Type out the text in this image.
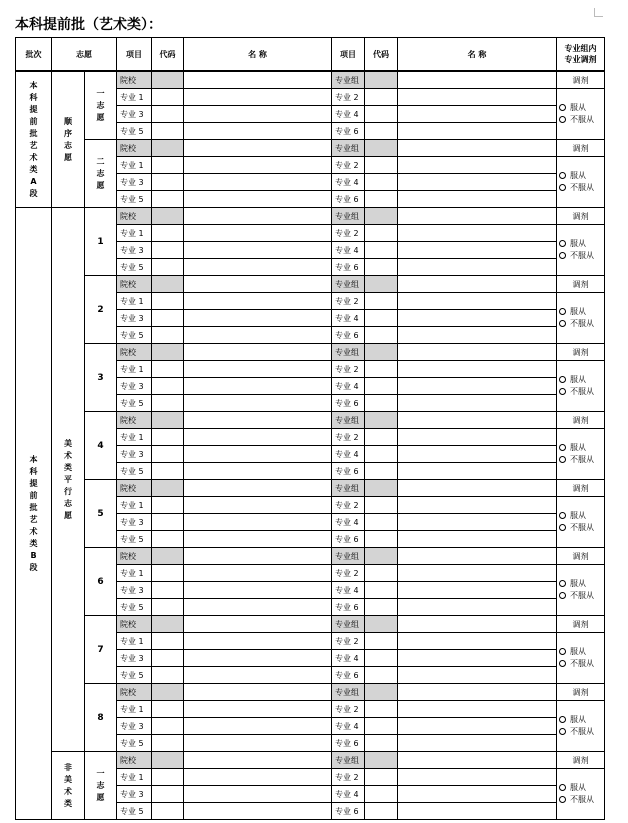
本科提前批（艺术类）：
批次	志愿		项目	代码	名 称	项目	代码	名 称	专业组内
专业调剂
本科提前批艺术类A段	顺序志愿	一志愿	院校			专业组			调剂
			专业 1			专业 2			服从
不服从

			专业 3			专业 4			
			专业 5			专业 6			
		二志愿	院校			专业组			调剂
			专业 1			专业 2			服从
不服从

			专业 3			专业 4			
			专业 5			专业 6			
本科提前批艺术类B段	美术类平行志愿	1	院校			专业组			调剂
			专业 1			专业 2			服从
不服从

			专业 3			专业 4			
			专业 5			专业 6			
		2	院校			专业组			调剂
			专业 1			专业 2			服从
不服从

			专业 3			专业 4			
			专业 5			专业 6			
		3	院校			专业组			调剂
			专业 1			专业 2			服从
不服从

			专业 3			专业 4			
			专业 5			专业 6			
		4	院校			专业组			调剂
			专业 1			专业 2			服从
不服从

			专业 3			专业 4			
			专业 5			专业 6			
		5	院校			专业组			调剂
			专业 1			专业 2			服从
不服从

			专业 3			专业 4			
			专业 5			专业 6			
		6	院校			专业组			调剂
			专业 1			专业 2			服从
不服从

			专业 3			专业 4			
			专业 5			专业 6			
		7	院校			专业组			调剂
			专业 1			专业 2			服从
不服从

			专业 3			专业 4			
			专业 5			专业 6			
		8	院校			专业组			调剂
			专业 1			专业 2			服从
不服从

			专业 3			专业 4			
			专业 5			专业 6			
	非美术类	一志愿	院校			专业组			调剂
			专业 1			专业 2			服从
不服从

			专业 3			专业 4			
			专业 5			专业 6			
